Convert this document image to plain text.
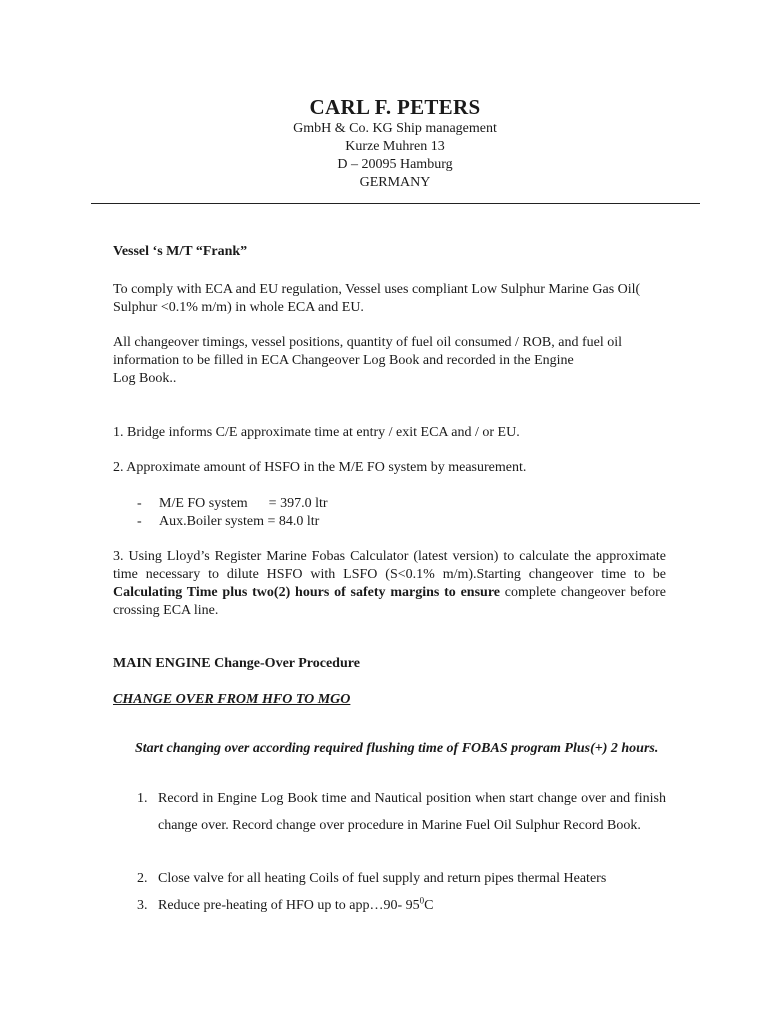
CARL F. PETERS
GmbH & Co. KG Ship management
Kurze Muhren 13
D – 20095 Hamburg
GERMANY
Vessel ‘s M/T “Frank”
To comply with ECA and EU regulation, Vessel uses compliant Low Sulphur Marine Gas Oil( Sulphur <0.1% m/m) in whole ECA and EU.
All changeover timings, vessel positions, quantity of fuel oil consumed / ROB, and fuel oil
information to be filled in ECA Changeover Log Book and recorded in the Engine
Log Book..
1. Bridge informs C/E approximate time at entry / exit ECA and / or EU.
2. Approximate amount of HSFO in the M/E FO system by measurement.
- M/E FO system      = 397.0 ltr
- Aux.Boiler system = 84.0 ltr
3. Using Lloyd’s Register Marine Fobas Calculator (latest version) to calculate the approximate time necessary to dilute HSFO with LSFO (S<0.1% m/m).Starting changeover time to be Calculating Time plus two(2) hours of safety margins to ensure complete changeover before crossing ECA line.
MAIN ENGINE Change-Over Procedure
CHANGE OVER FROM HFO TO MGO
Start changing over according required flushing time of FOBAS program Plus(+) 2 hours.
1. Record in Engine Log Book time and Nautical position when start change over and finish change over. Record change over procedure in Marine Fuel Oil Sulphur Record Book.
2. Close valve for all heating Coils of fuel supply and return pipes thermal Heaters
3. Reduce pre-heating of HFO up to app…90- $95^0C$
